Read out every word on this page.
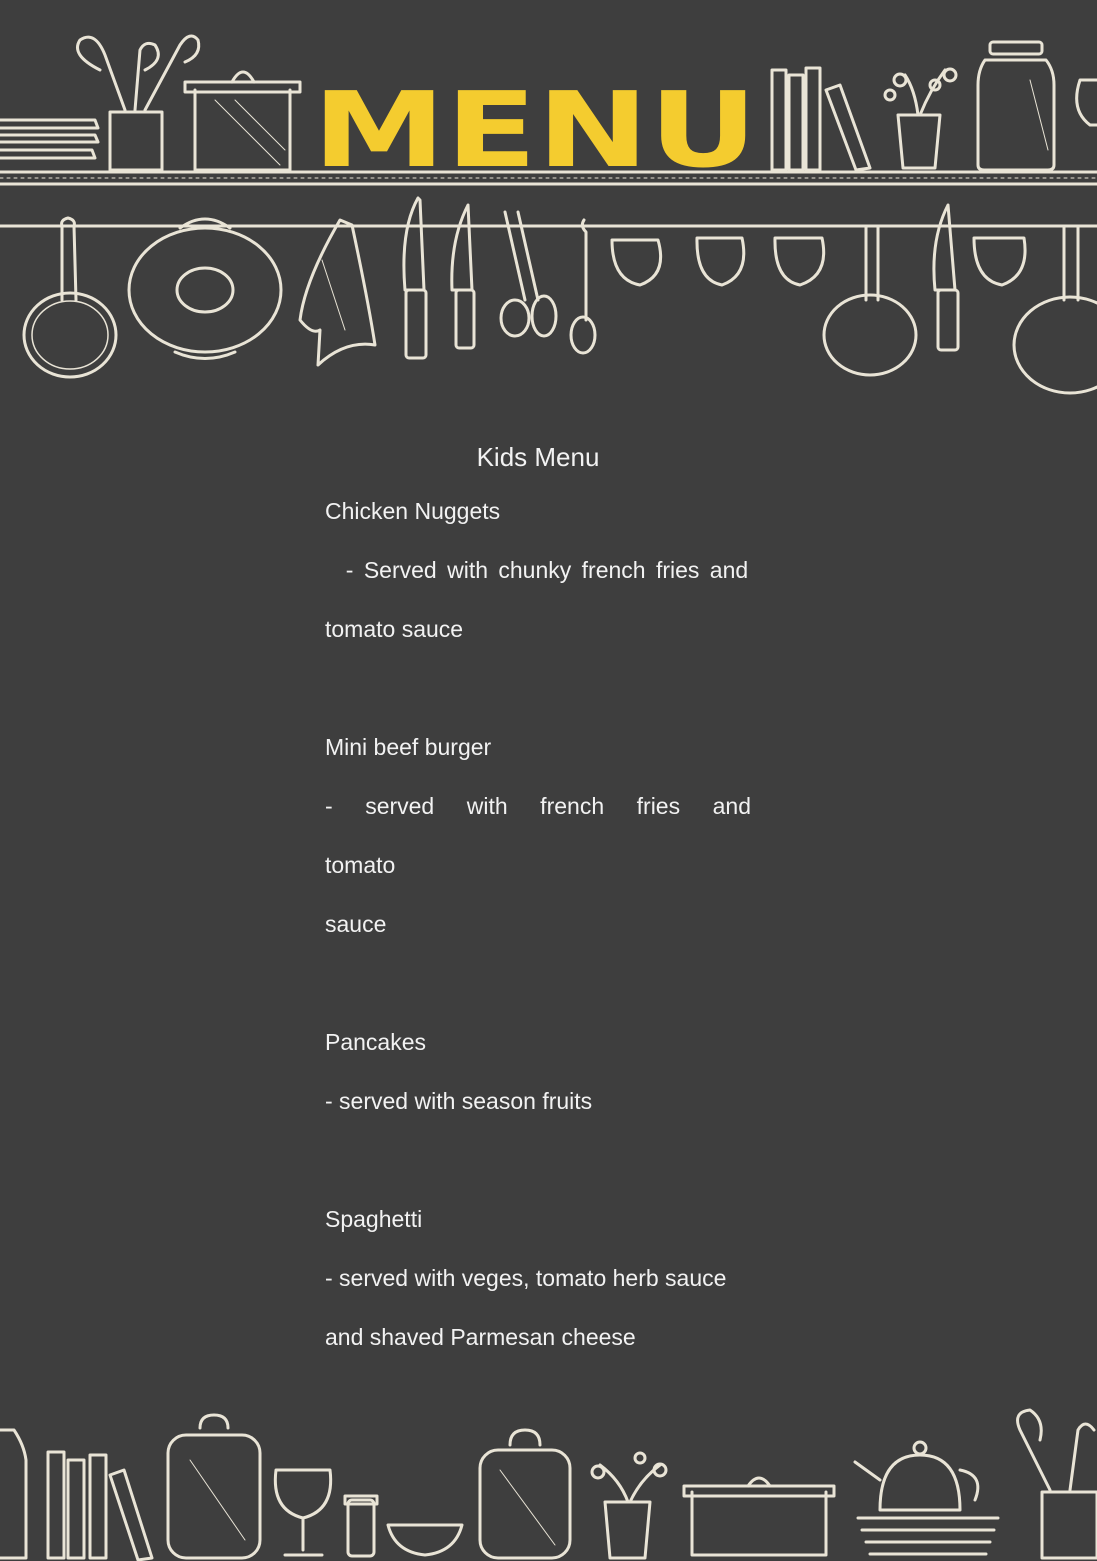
MENU
Kids Menu

Chicken Nuggets

- Served with chunky french fries and

tomato sauce

Mini beef burger

- served with french fries and tomato

sauce

Pancakes

- served with season fruits

Spaghetti

- served with veges, tomato herb sauce

and shaved Parmesan cheese
